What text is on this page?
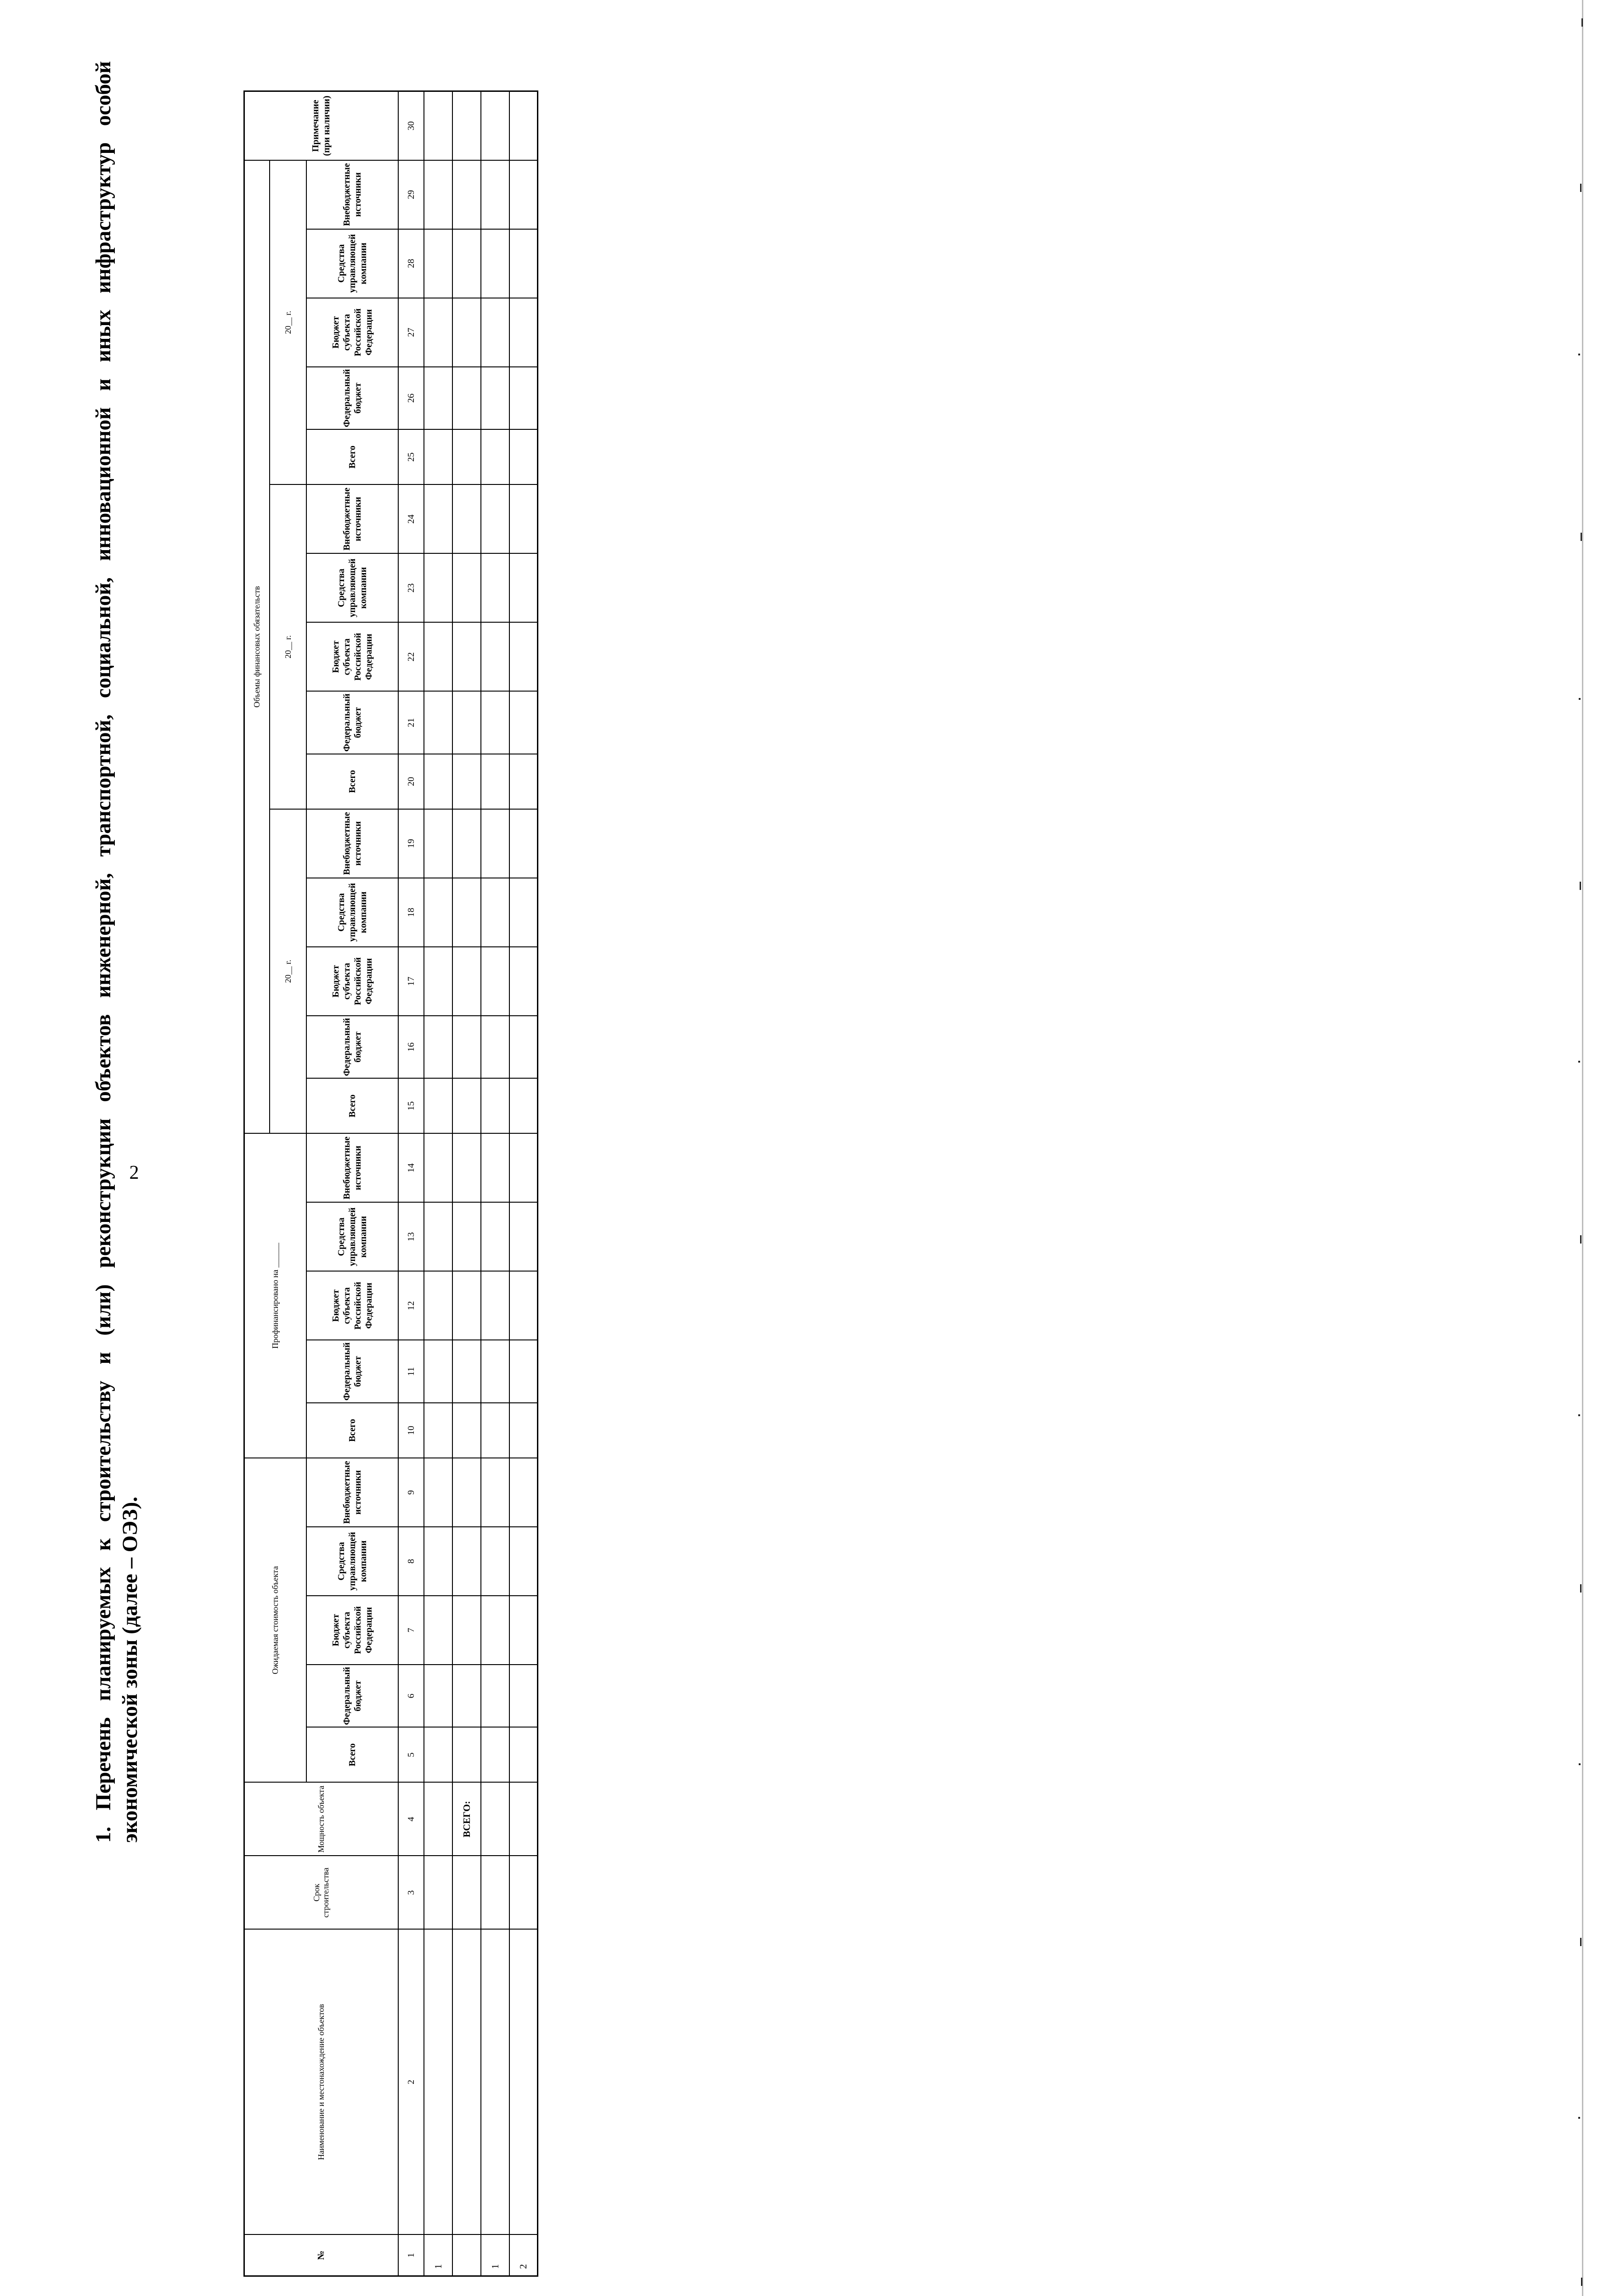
2
1. Перечень планируемых к строительству и (или) реконструкции объектов инженерной, транспортной, социальной, инновационной и иных инфраструктур особой экономической зоны (далее – ОЭЗ).
№	Наименование и местонахождение объектов	Срок строительства	Мощность объекта	Ожидаемая стоимость объекта					Профинансировано на ______					Объемы финансовых обязательств															Примечание (при наличии)
														20__ г.					20__ г.					20__ г.					

				Всего	Федеральный бюджет	Бюджет субъекта Российской Федерации	Средства управляющей компании	Внебюджетные источники	Всего	Федеральный бюджет	Бюджет субъекта Российской Федерации	Средства управляющей компании	Внебюджетные источники	Всего	Федеральный бюджет	Бюджет субъекта Российской Федерации	Средства управляющей компании	Внебюджетные источники	Всего	Федеральный бюджет	Бюджет субъекта Российской Федерации	Средства управляющей компании	Внебюджетные источники	Всего	Федеральный бюджет	Бюджет субъекта Российской Федерации	Средства управляющей компании	Внебюджетные источники	
1	2	3	4	5	6	7	8	9	10	11	12	13	14	15	16	17	18	19	20	21	22	23	24	25	26	27	28	29	30
1																													
			ВСЕГО:																										
1																													
2																													
